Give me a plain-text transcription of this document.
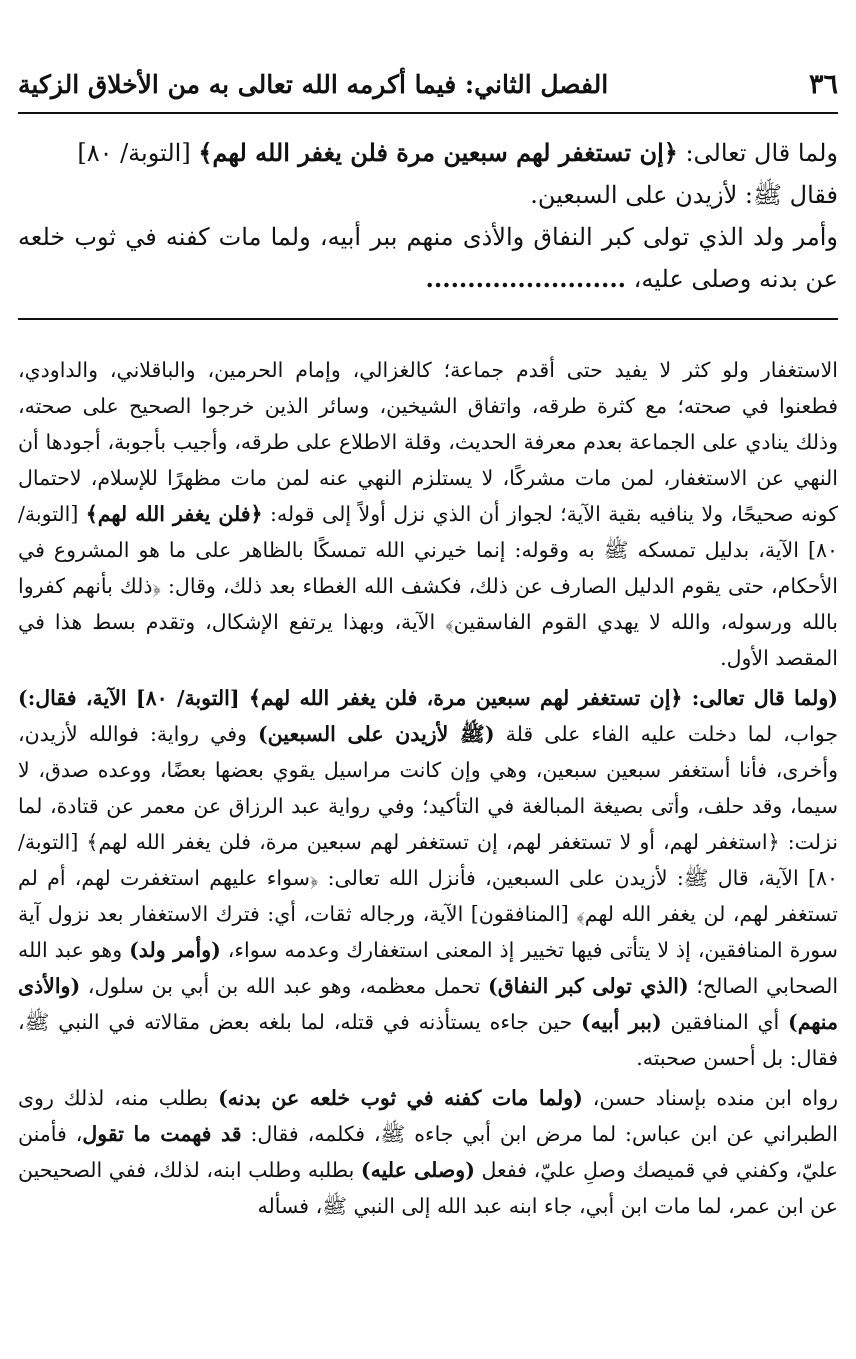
٣٦
الفصل الثاني: فيما أكرمه الله تعالى به من الأخلاق الزكية

ولما قال تعالى: ﴿إن تستغفر لهم سبعين مرة فلن يغفر الله لهم﴾ [التوبة/ ٨٠]

فقال ﷺ: لأزيدن على السبعين.

وأمر ولد الذي تولى كبر النفاق والأذى منهم ببر أبيه، ولما مات كفنه في ثوب خلعه عن بدنه وصلى عليه، ........................

الاستغفار ولو كثر لا يفيد حتى أقدم جماعة؛ كالغزالي، وإمام الحرمين، والباقلاني، والداودي، فطعنوا في صحته؛ مع كثرة طرقه، واتفاق الشيخين، وسائر الذين خرجوا الصحيح على صحته، وذلك ينادي على الجماعة بعدم معرفة الحديث، وقلة الاطلاع على طرقه، وأجيب بأجوبة، أجودها أن النهي عن الاستغفار، لمن مات مشركًا، لا يستلزم النهي عنه لمن مات مظهرًا للإسلام، لاحتمال كونه صحيحًا، ولا ينافيه بقية الآية؛ لجواز أن الذي نزل أولاً إلى قوله: ﴿فلن يغفر الله لهم﴾ [التوبة/ ٨٠] الآية، بدليل تمسكه ﷺ به وقوله: إنما خيرني الله تمسكًا بالظاهر على ما هو المشروع في الأحكام، حتى يقوم الدليل الصارف عن ذلك، فكشف الله الغطاء بعد ذلك، وقال: ﴿ذلك بأنهم كفروا بالله ورسوله، والله لا يهدي القوم الفاسقين﴾ الآية، وبهذا يرتفع الإشكال، وتقدم بسط هذا في المقصد الأول.

(ولما قال تعالى: ﴿إن تستغفر لهم سبعين مرة، فلن يغفر الله لهم﴾ [التوبة/ ٨٠] الآية، فقال:) جواب، لما دخلت عليه الفاء على قلة (ﷺ لأزيدن على السبعين) وفي رواية: فوالله لأزيدن، وأخرى، فأنا أستغفر سبعين سبعين، وهي وإن كانت مراسيل يقوي بعضها بعضًا، ووعده صدق، لا سيما، وقد حلف، وأتى بصيغة المبالغة في التأكيد؛ وفي رواية عبد الرزاق عن معمر عن قتادة، لما نزلت: ﴿استغفر لهم، أو لا تستغفر لهم، إن تستغفر لهم سبعين مرة، فلن يغفر الله لهم﴾ [التوبة/ ٨٠] الآية، قال ﷺ: لأزيدن على السبعين، فأنزل الله تعالى: ﴿سواء عليهم استغفرت لهم، أم لم تستغفر لهم، لن يغفر الله لهم﴾ [المنافقون] الآية، ورجاله ثقات، أي: فترك الاستغفار بعد نزول آية سورة المنافقين، إذ لا يتأتى فيها تخيير إذ المعنى استغفارك وعدمه سواء، (وأمر ولد) وهو عبد الله الصحابي الصالح؛ (الذي تولى كبر النفاق) تحمل معظمه، وهو عبد الله بن أبي بن سلول، (والأذى منهم) أي المنافقين (ببر أبيه) حين جاءه يستأذنه في قتله، لما بلغه بعض مقالاته في النبي ﷺ، فقال: بل أحسن صحبته.

رواه ابن منده بإسناد حسن، (ولما مات كفنه في ثوب خلعه عن بدنه) بطلب منه، لذلك روى الطبراني عن ابن عباس: لما مرض ابن أبي جاءه ﷺ، فكلمه، فقال: قد فهمت ما تقول، فأمنن عليّ، وكفني في قميصك وصلِ عليّ، ففعل (وصلى عليه) بطلبه وطلب ابنه، لذلك، ففي الصحيحين عن ابن عمر، لما مات ابن أبي، جاء ابنه عبد الله إلى النبي ﷺ، فسأله
